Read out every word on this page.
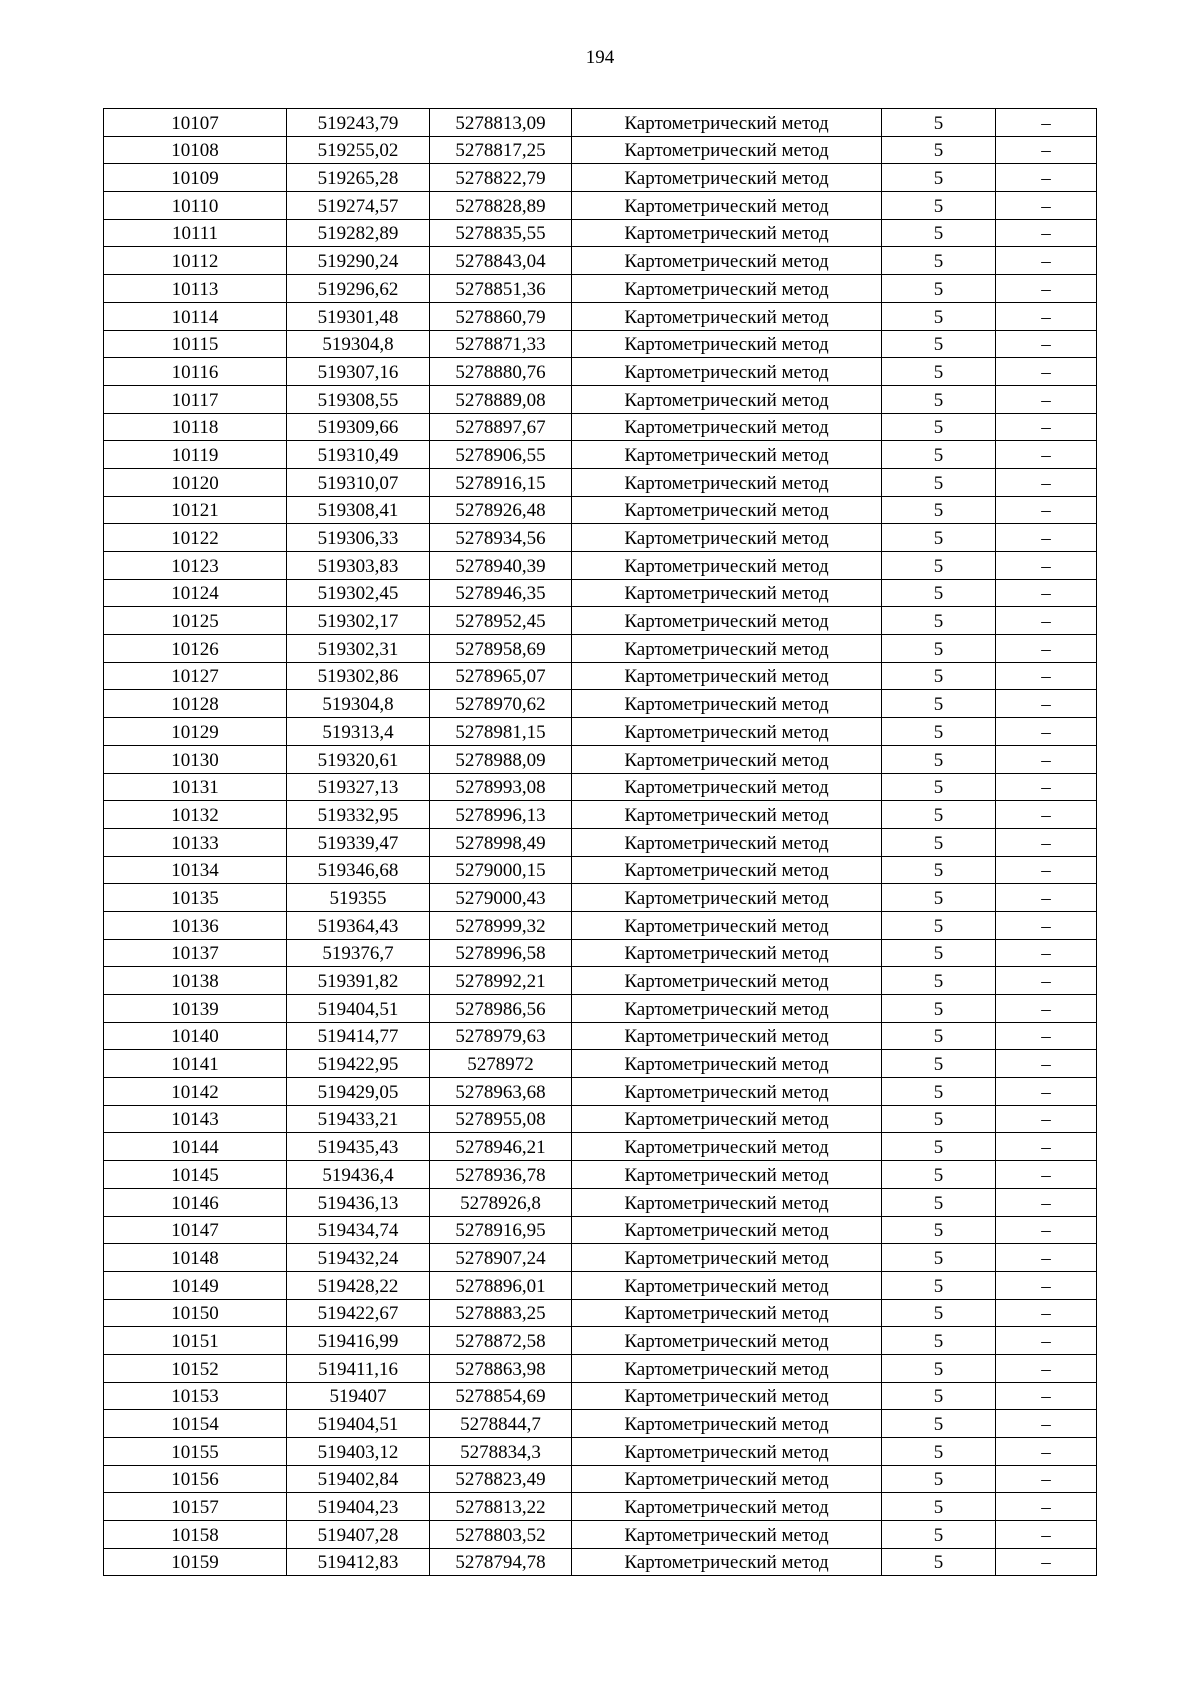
194
10107	519243,79	5278813,09	Картометрический метод	5	–
10108	519255,02	5278817,25	Картометрический метод	5	–
10109	519265,28	5278822,79	Картометрический метод	5	–
10110	519274,57	5278828,89	Картометрический метод	5	–
10111	519282,89	5278835,55	Картометрический метод	5	–
10112	519290,24	5278843,04	Картометрический метод	5	–
10113	519296,62	5278851,36	Картометрический метод	5	–
10114	519301,48	5278860,79	Картометрический метод	5	–
10115	519304,8	5278871,33	Картометрический метод	5	–
10116	519307,16	5278880,76	Картометрический метод	5	–
10117	519308,55	5278889,08	Картометрический метод	5	–
10118	519309,66	5278897,67	Картометрический метод	5	–
10119	519310,49	5278906,55	Картометрический метод	5	–
10120	519310,07	5278916,15	Картометрический метод	5	–
10121	519308,41	5278926,48	Картометрический метод	5	–
10122	519306,33	5278934,56	Картометрический метод	5	–
10123	519303,83	5278940,39	Картометрический метод	5	–
10124	519302,45	5278946,35	Картометрический метод	5	–
10125	519302,17	5278952,45	Картометрический метод	5	–
10126	519302,31	5278958,69	Картометрический метод	5	–
10127	519302,86	5278965,07	Картометрический метод	5	–
10128	519304,8	5278970,62	Картометрический метод	5	–
10129	519313,4	5278981,15	Картометрический метод	5	–
10130	519320,61	5278988,09	Картометрический метод	5	–
10131	519327,13	5278993,08	Картометрический метод	5	–
10132	519332,95	5278996,13	Картометрический метод	5	–
10133	519339,47	5278998,49	Картометрический метод	5	–
10134	519346,68	5279000,15	Картометрический метод	5	–
10135	519355	5279000,43	Картометрический метод	5	–
10136	519364,43	5278999,32	Картометрический метод	5	–
10137	519376,7	5278996,58	Картометрический метод	5	–
10138	519391,82	5278992,21	Картометрический метод	5	–
10139	519404,51	5278986,56	Картометрический метод	5	–
10140	519414,77	5278979,63	Картометрический метод	5	–
10141	519422,95	5278972	Картометрический метод	5	–
10142	519429,05	5278963,68	Картометрический метод	5	–
10143	519433,21	5278955,08	Картометрический метод	5	–
10144	519435,43	5278946,21	Картометрический метод	5	–
10145	519436,4	5278936,78	Картометрический метод	5	–
10146	519436,13	5278926,8	Картометрический метод	5	–
10147	519434,74	5278916,95	Картометрический метод	5	–
10148	519432,24	5278907,24	Картометрический метод	5	–
10149	519428,22	5278896,01	Картометрический метод	5	–
10150	519422,67	5278883,25	Картометрический метод	5	–
10151	519416,99	5278872,58	Картометрический метод	5	–
10152	519411,16	5278863,98	Картометрический метод	5	–
10153	519407	5278854,69	Картометрический метод	5	–
10154	519404,51	5278844,7	Картометрический метод	5	–
10155	519403,12	5278834,3	Картометрический метод	5	–
10156	519402,84	5278823,49	Картометрический метод	5	–
10157	519404,23	5278813,22	Картометрический метод	5	–
10158	519407,28	5278803,52	Картометрический метод	5	–
10159	519412,83	5278794,78	Картометрический метод	5	–
